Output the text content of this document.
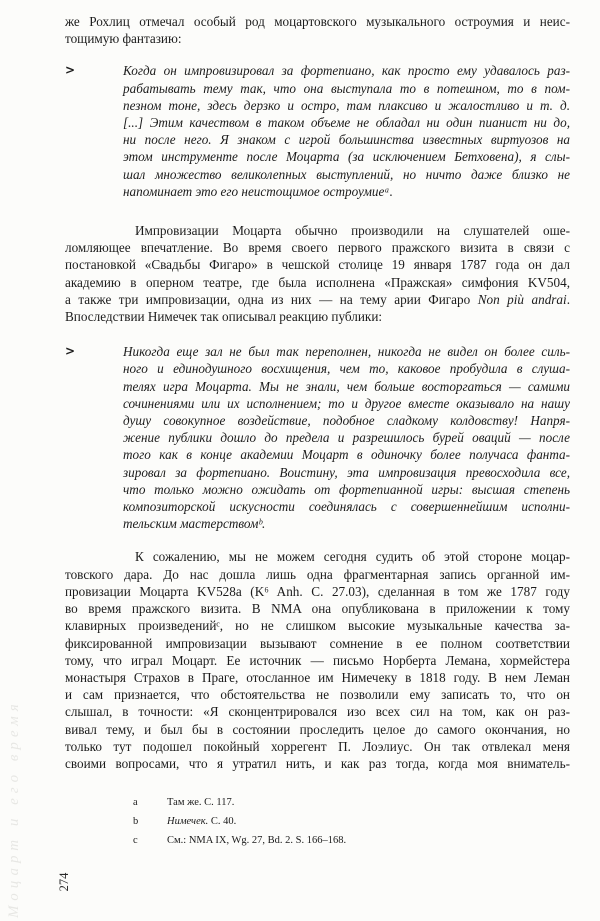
Моцарт и его время	274
же Рохлиц отмечал особый род моцартовского музыкального остроумия и неис-
тощимую фантазию:
>	Когда он импровизировал за фортепиано, как просто ему удавалось раз-
рабатывать тему так, что она выступала то в потешном, то в пом-
пезном тоне, здесь дерзко и остро, там плаксиво и жалостливо и т. д.
[...] Этим качеством в таком объеме не обладал ни один пианист ни до,
ни после него. Я знаком с игрой большинства известных виртуозов на
этом инструменте после Моцарта (за исключением Бетховена), я слы-
шал множество великолепных выступлений, но ничто даже близко не
напоминает это его неистощимое остроумиеᵃ.
Импровизации Моцарта обычно производили на слушателей оше-
ломляющее впечатление. Во время своего первого пражского визита в связи с
постановкой «Свадьбы Фигаро» в чешской столице 19 января 1787 года он дал
академию в оперном театре, где была исполнена «Пражская» симфония KV504,
а также три импровизации, одна из них — на тему арии Фигаро Non più andrai.
Впоследствии Нимечек так описывал реакцию публики:
>	Никогда еще зал не был так переполнен, никогда не видел он более силь-
ного и единодушного восхищения, чем то, каковое пробудила в слуша-
телях игра Моцарта. Мы не знали, чем больше восторгаться — самими
сочинениями или их исполнением; то и другое вместе оказывало на нашу
душу совокупное воздействие, подобное сладкому колдовству! Напря-
жение публики дошло до предела и разрешилось бурей оваций — после
того как в конце академии Моцарт в одиночку более получаса фанта-
зировал за фортепиано. Воистину, эта импровизация превосходила все,
что только можно ожидать от фортепианной игры: высшая степень
композиторской искусности соединялась с совершеннейшим исполни-
тельским мастерствомᵇ.
К сожалению, мы не можем сегодня судить об этой стороне моцар-
товского дара. До нас дошла лишь одна фрагментарная запись органной им-
провизации Моцарта KV528a (K⁶ Anh. C. 27.03), сделанная в том же 1787 году
во время пражского визита. В NMA она опубликована в приложении к тому
клавирных произведенийᶜ, но не слишком высокие музыкальные качества за-
фиксированной импровизации вызывают сомнение в ее полном соответствии
тому, что играл Моцарт. Ее источник — письмо Норберта Лемана, хормейстера
монастыря Страхов в Праге, отосланное им Нимечеку в 1818 году. В нем Леман
и сам признается, что обстоятельства не позволили ему записать то, что он
слышал, в точности: «Я сконцентрировался изо всех сил на том, как он раз-
вивал тему, и был бы в состоянии проследить целое до самого окончания, но
только тут подошел покойный хоррегент П. Лоэлиус. Он так отвлекал меня
своими вопросами, что я утратил нить, и как раз тогда, когда моя вниматель-
a	Там же. С. 117.
b	Нимечек. С. 40.
c	См.: NMA IX, Wg. 27, Bd. 2. S. 166–168.
